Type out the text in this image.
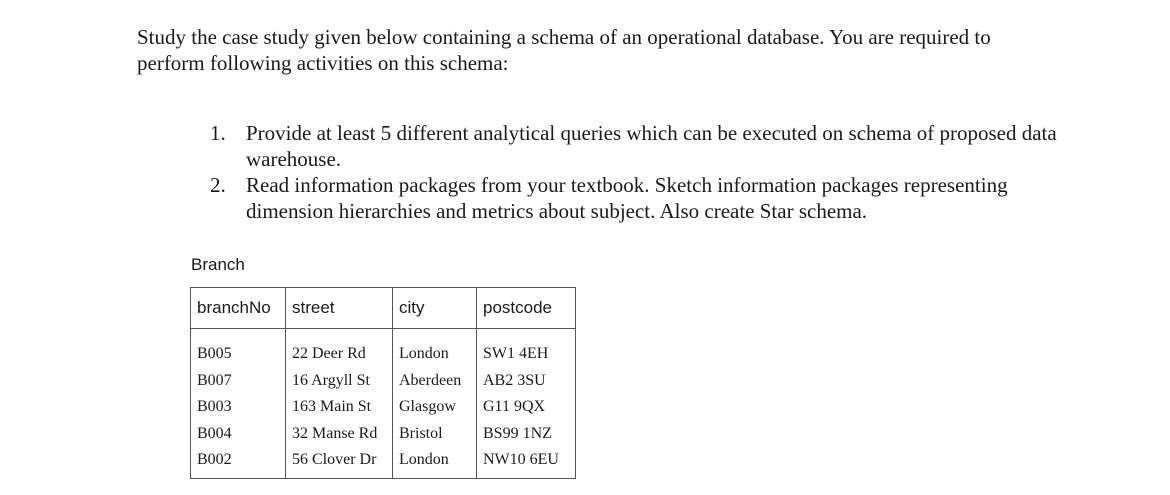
Study the case study given below containing a schema of an operational database. You are required to perform following activities on this schema:

1. Provide at least 5 different analytical queries which can be executed on schema of proposed data warehouse.
2. Read information packages from your textbook. Sketch information packages representing dimension hierarchies and metrics about subject. Also create Star schema.

Branch

branchNo	street	city	postcode

B005	22 Deer Rd	London	SW1 4EH
B007	16 Argyll St	Aberdeen	AB2 3SU
B003	163 Main St	Glasgow	G11 9QX
B004	32 Manse Rd	Bristol	BS99 1NZ
B002	56 Clover Dr	London	NW10 6EU
